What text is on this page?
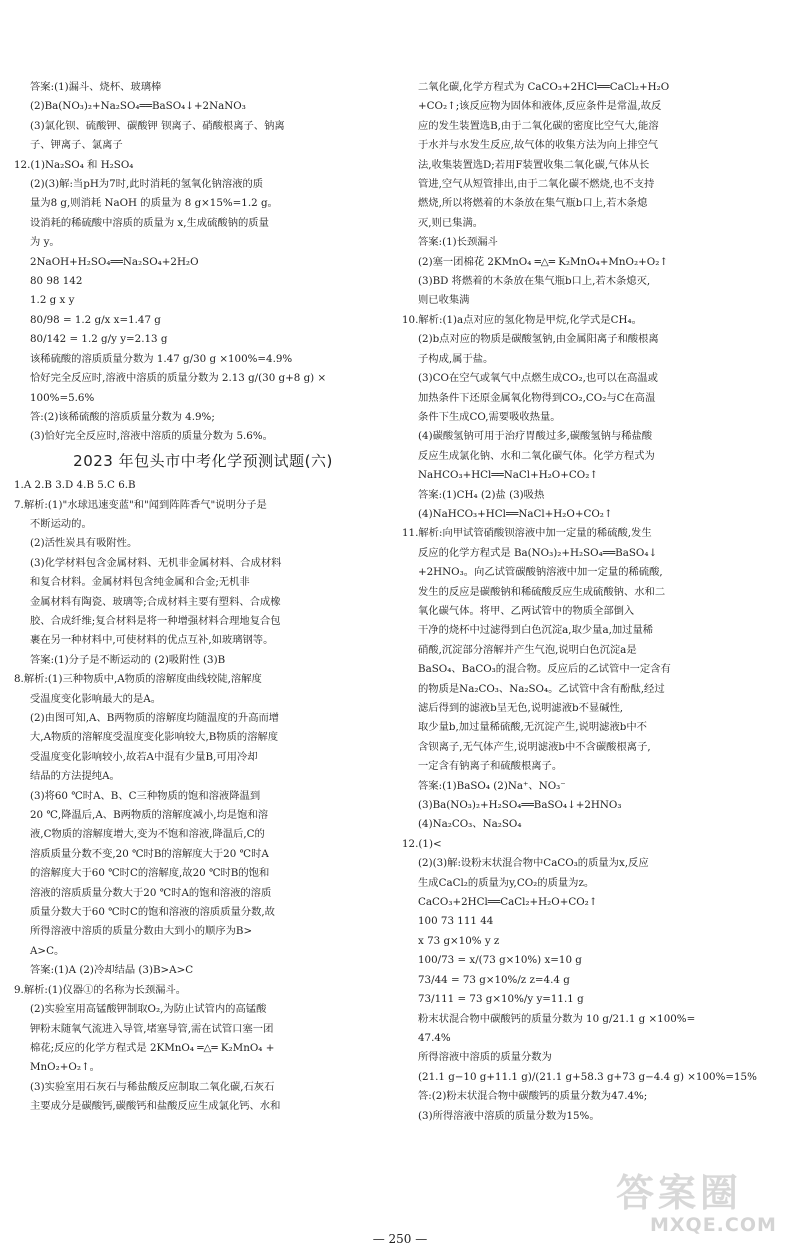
答案:(1)漏斗、烧杯、玻璃棒
(2)Ba(NO₃)₂+Na₂SO₄══BaSO₄↓+2NaNO₃
(3)氯化钡、硫酸钾、碳酸钾 钡离子、硝酸根离子、钠离
子、钾离子、氯离子
12.(1)Na₂SO₄ 和 H₂SO₄
(2)(3)解:当pH为7时,此时消耗的氢氧化钠溶液的质
量为8 g,则消耗 NaOH 的质量为 8 g×15%=1.2 g。
设消耗的稀硫酸中溶质的质量为 x,生成硫酸钠的质量
为 y。
2NaOH+H₂SO₄══Na₂SO₄+2H₂O
80 98 142
1.2 g x y
80/98 = 1.2 g/x x=1.47 g
80/142 = 1.2 g/y y=2.13 g
该稀硫酸的溶质质量分数为 1.47 g/30 g ×100%=4.9%
恰好完全反应时,溶液中溶质的质量分数为 2.13 g/(30 g+8 g) ×
100%=5.6%
答:(2)该稀硫酸的溶质质量分数为 4.9%;
(3)恰好完全反应时,溶液中溶质的质量分数为 5.6%。
2023 年包头市中考化学预测试题(六)
1.A 2.B 3.D 4.B 5.C 6.B
7.解析:(1)"水球迅速变蓝"和"闻到阵阵香气"说明分子是
不断运动的。
(2)活性炭具有吸附性。
(3)化学材料包含金属材料、无机非金属材料、合成材料
和复合材料。金属材料包含纯金属和合金;无机非
金属材料有陶瓷、玻璃等;合成材料主要有塑料、合成橡
胶、合成纤维;复合材料是将一种增强材料合理地复合包
裹在另一种材料中,可使材料的优点互补,如玻璃钢等。
答案:(1)分子是不断运动的 (2)吸附性 (3)B
8.解析:(1)三种物质中,A物质的溶解度曲线较陡,溶解度
受温度变化影响最大的是A。
(2)由图可知,A、B两物质的溶解度均随温度的升高而增
大,A物质的溶解度受温度变化影响较大,B物质的溶解度
受温度变化影响较小,故若A中混有少量B,可用冷却
结晶的方法提纯A。
(3)将60 ℃时A、B、C三种物质的饱和溶液降温到
20 ℃,降温后,A、B两物质的溶解度减小,均是饱和溶
液,C物质的溶解度增大,变为不饱和溶液,降温后,C的
溶质质量分数不变,20 ℃时B的溶解度大于20 ℃时A
的溶解度大于60 ℃时C的溶解度,故20 ℃时B的饱和
溶液的溶质质量分数大于20 ℃时A的饱和溶液的溶质
质量分数大于60 ℃时C的饱和溶液的溶质质量分数,故
所得溶液中溶质的质量分数由大到小的顺序为B>
A>C。
答案:(1)A (2)冷却结晶 (3)B>A>C
9.解析:(1)仪器①的名称为长颈漏斗。
(2)实验室用高锰酸钾制取O₂,为防止试管内的高锰酸
钾粉末随氧气流进入导管,堵塞导管,需在试管口塞一团
棉花;反应的化学方程式是 2KMnO₄ ═△═ K₂MnO₄ +
MnO₂+O₂↑。
(3)实验室用石灰石与稀盐酸反应制取二氧化碳,石灰石
主要成分是碳酸钙,碳酸钙和盐酸反应生成氯化钙、水和
二氧化碳,化学方程式为 CaCO₃+2HCl══CaCl₂+H₂O
+CO₂↑;该反应物为固体和液体,反应条件是常温,故反
应的发生装置选B,由于二氧化碳的密度比空气大,能溶
于水并与水发生反应,故气体的收集方法为向上排空气
法,收集装置选D;若用F装置收集二氧化碳,气体从长
管进,空气从短管排出,由于二氧化碳不燃烧,也不支持
燃烧,所以将燃着的木条放在集气瓶b口上,若木条熄
灭,则已集满。
答案:(1)长颈漏斗
(2)塞一团棉花 2KMnO₄ ═△═ K₂MnO₄+MnO₂+O₂↑
(3)BD 将燃着的木条放在集气瓶b口上,若木条熄灭,
则已收集满
10.解析:(1)a点对应的氢化物是甲烷,化学式是CH₄。
(2)b点对应的物质是碳酸氢钠,由金属阳离子和酸根离
子构成,属于盐。
(3)CO在空气或氧气中点燃生成CO₂,也可以在高温或
加热条件下还原金属氧化物得到CO₂,CO₂与C在高温
条件下生成CO,需要吸收热量。
(4)碳酸氢钠可用于治疗胃酸过多,碳酸氢钠与稀盐酸
反应生成氯化钠、水和二氧化碳气体。化学方程式为
NaHCO₃+HCl══NaCl+H₂O+CO₂↑
答案:(1)CH₄ (2)盐 (3)吸热
(4)NaHCO₃+HCl══NaCl+H₂O+CO₂↑
11.解析:向甲试管硝酸钡溶液中加一定量的稀硫酸,发生
反应的化学方程式是 Ba(NO₃)₂+H₂SO₄══BaSO₄↓
+2HNO₃。向乙试管碳酸钠溶液中加一定量的稀硫酸,
发生的反应是碳酸钠和稀硫酸反应生成硫酸钠、水和二
氧化碳气体。将甲、乙两试管中的物质全部倒入
干净的烧杯中过滤得到白色沉淀a,取少量a,加过量稀
硝酸,沉淀部分溶解并产生气泡,说明白色沉淀a是
BaSO₄、BaCO₃的混合物。反应后的乙试管中一定含有
的物质是Na₂CO₃、Na₂SO₄。乙试管中含有酚酞,经过
滤后得到的滤液b呈无色,说明滤液b不显碱性,
取少量b,加过量稀硫酸,无沉淀产生,说明滤液b中不
含钡离子,无气体产生,说明滤液b中不含碳酸根离子,
一定含有钠离子和硫酸根离子。
答案:(1)BaSO₄ (2)Na⁺、NO₃⁻
(3)Ba(NO₃)₂+H₂SO₄══BaSO₄↓+2HNO₃
(4)Na₂CO₃、Na₂SO₄
12.(1)<
(2)(3)解:设粉末状混合物中CaCO₃的质量为x,反应
生成CaCl₂的质量为y,CO₂的质量为z。
CaCO₃+2HCl══CaCl₂+H₂O+CO₂↑
100 73 111 44
x 73 g×10% y z
100/73 = x/(73 g×10%) x=10 g
73/44 = 73 g×10%/z z=4.4 g
73/111 = 73 g×10%/y y=11.1 g
粉末状混合物中碳酸钙的质量分数为 10 g/21.1 g ×100%=
47.4%
所得溶液中溶质的质量分数为
(21.1 g−10 g+11.1 g)/(21.1 g+58.3 g+73 g−4.4 g) ×100%=15%
答:(2)粉末状混合物中碳酸钙的质量分数为47.4%;
(3)所得溶液中溶质的质量分数为15%。
— 250 —
答案圈
MXQE.COM
